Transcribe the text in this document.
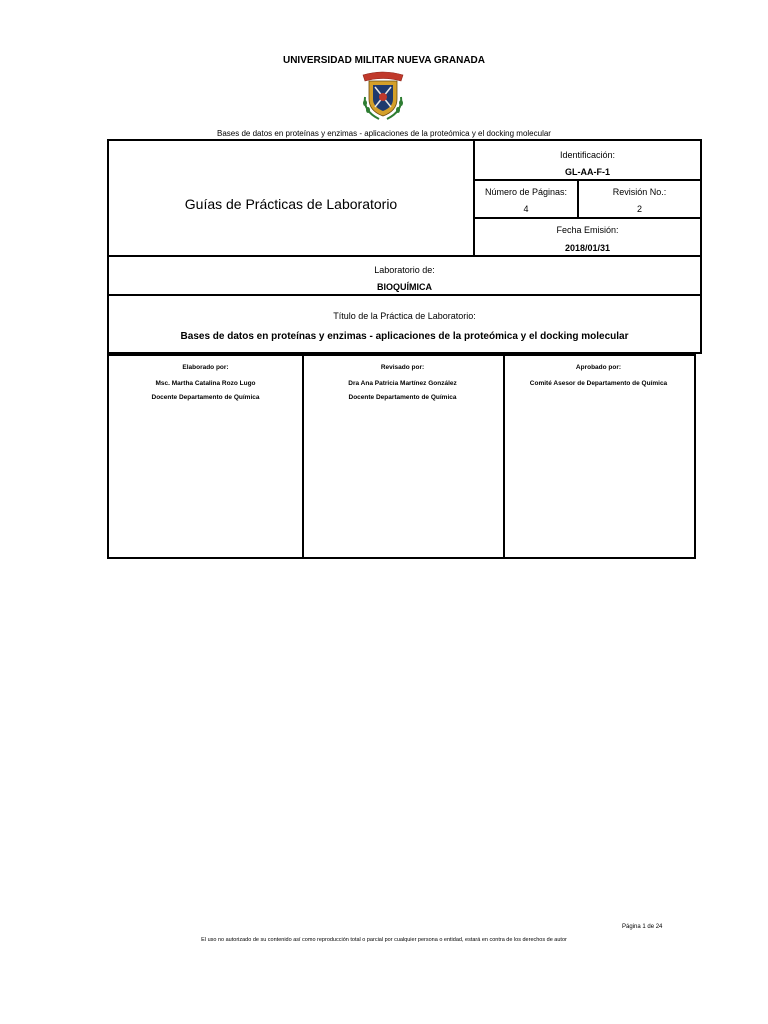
UNIVERSIDAD MILITAR NUEVA GRANADA
Bases de datos en proteínas y enzimas - aplicaciones de la proteómica y el docking molecular
Guías de Prácticas de Laboratorio
Identificación:
GL-AA-F-1
Número de Páginas:
4
Revisión No.:
2
Fecha Emisión:
2018/01/31
Laboratorio de:
BIOQUÍMICA
Título de la Práctica de Laboratorio:
Bases de datos en proteínas y enzimas - aplicaciones de la proteómica y el docking molecular
Elaborado por:
Msc. Martha Catalina Rozo Lugo
Docente Departamento de Química
Revisado por:
Dra Ana Patricia Martínez González
Docente Departamento de Química
Aprobado por:
Comité Asesor de Departamento de Química
Página 1 de 24
El uso no autorizado de su contenido así como reproducción total o parcial por cualquier persona o entidad, estará en contra de los derechos de autor
